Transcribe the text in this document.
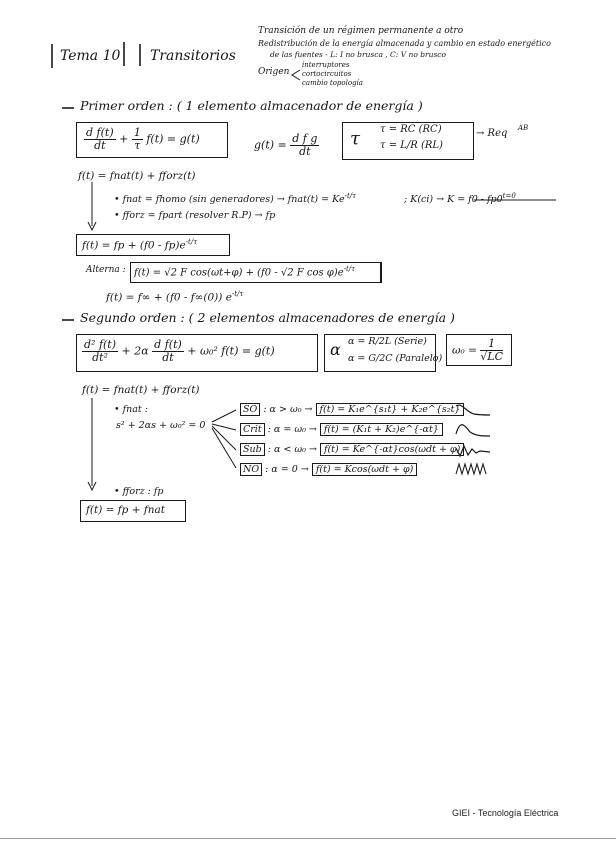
Tema 10 Transitorios
Transición de un régimen permanente a otro
Redistribución de la energía almacenada y cambio en estado energético
de las fuentes - L: I no brusca , C: V no brusco
Origen
interruptores
cortocircuitos
cambio topología
Primer orden : ( 1 elemento almacenador de energía )
$\frac{\text{d f(t)}}{dt} + \frac{1}{\tau} f(t) = g(t)$	$g(t) = \frac{\text{d f g}}{dt}$ τ τ = RC (RC)
τ = L/R (RL)
→ Req AB
f(t) = fnat(t) + fforz(t)
• fnat = fhomo (sin generadores) → fnat(t) = $Ke^{-t/\tau}$	; $K(ci) \to K = f0 - fp0^{t=0}$
• fforz = fpart (resolver R.P) → fp
f(t) = fp + $(f0 - fp)e^{-t/\tau}$
Alterna : f(t) = √2 F cos(ωt+φ) + (f0 - √2 F $\cos \varphi)e^{-t/\tau}$
f(t) = f∞ + (f0 - f∞(0)) $e^{-t/\tau}$
Segundo orden : ( 2 elementos almacenadores de energía )
$\frac{\text{d² f(t)}}{\text{dt²}} + 2\alpha \frac{\text{d f(t)}}{dt} + \omega_0^2$ f(t) = g(t)	α α = R/2L (Serie)
α = G/2C (Paralelo)
$\omega_0 = \frac{1}{√LC}$
f(t) = fnat(t) + fforz(t)
• fnat :
s² + 2αs + ω₀² = 0
SO : α > ω₀ → f(t) = K₁e^{s₁t} + K₂e^{s₂t}
Crit : α = ω₀ → f(t) = (K₁t + K₂)e^{-αt}
Sub : α < ω₀ → f(t) = Ke^{-αt}cos(ωdt + φ)
NO : α = 0 → f(t) = Kcos(ωdt + φ)
• fforz : fp
f(t) = fp + fnat
GIEI - Tecnología Eléctrica
